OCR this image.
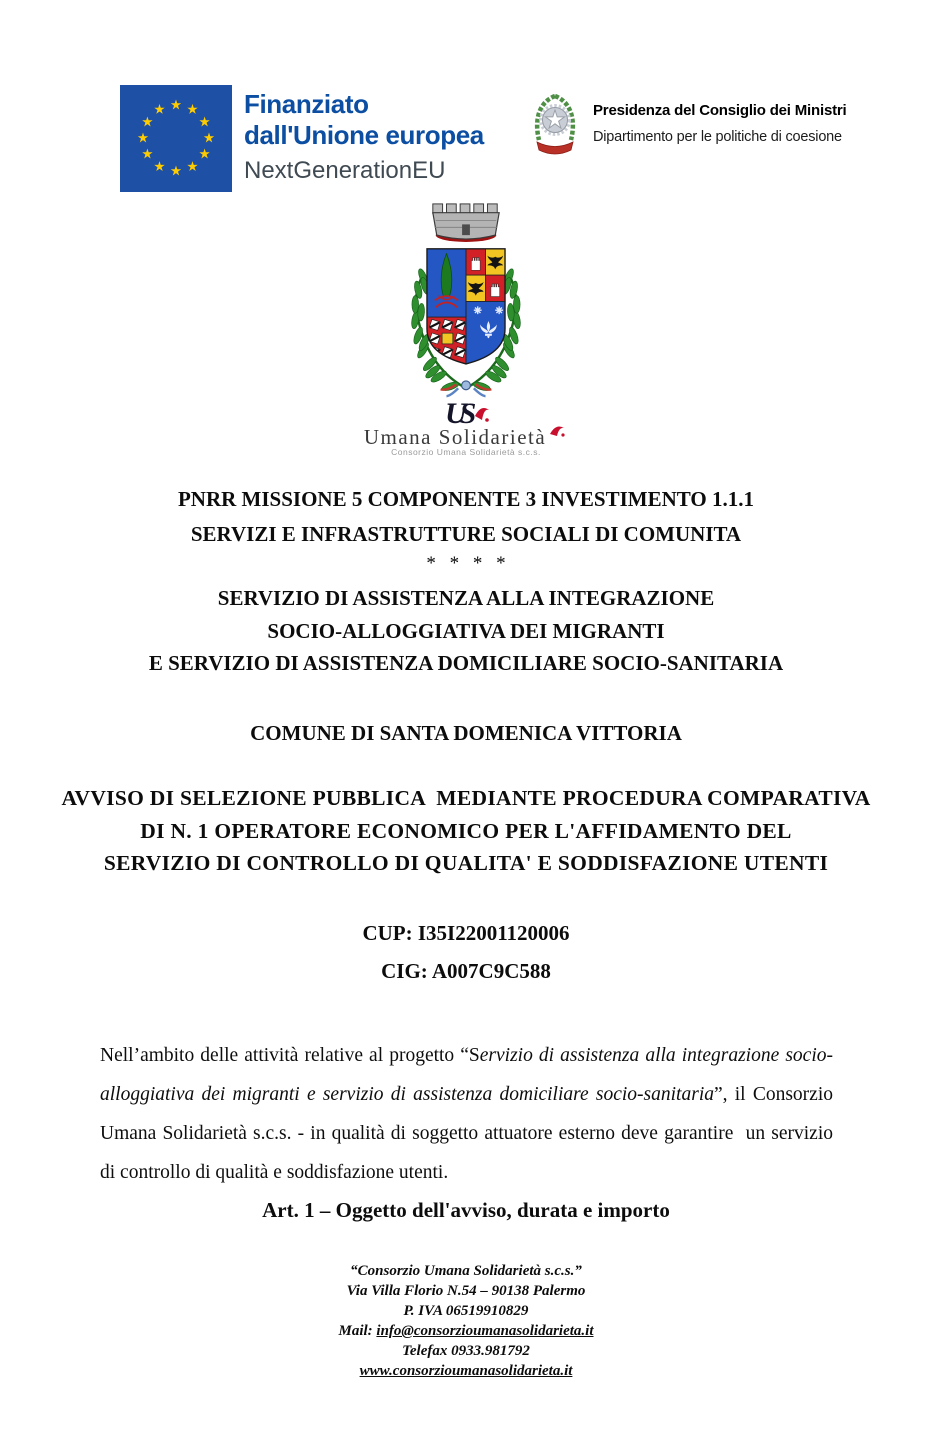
Finanziato
dall'Unione europea
NextGenerationEU
Presidenza del Consiglio dei Ministri
Dipartimento per le politiche di coesione
US
Umana Solidarietà
Consorzio Umana Solidarietà s.c.s.
PNRR MISSIONE 5 COMPONENTE 3 INVESTIMENTO 1.1.1
SERVIZI E INFRASTRUTTURE SOCIALI DI COMUNITA
* * * *
SERVIZIO DI ASSISTENZA ALLA INTEGRAZIONE
SOCIO-ALLOGGIATIVA DEI MIGRANTI
E SERVIZIO DI ASSISTENZA DOMICILIARE SOCIO-SANITARIA
COMUNE DI SANTA DOMENICA VITTORIA
AVVISO DI SELEZIONE PUBBLICA  MEDIANTE PROCEDURA COMPARATIVA
DI N. 1 OPERATORE ECONOMICO PER L'AFFIDAMENTO DEL
SERVIZIO DI CONTROLLO DI QUALITA' E SODDISFAZIONE UTENTI
CUP: I35I22001120006
CIG: A007C9C588
Nell’ambito delle attività relative al progetto “Servizio di assistenza alla integrazione socio-alloggiativa dei migranti e servizio di assistenza domiciliare socio-sanitaria”, il Consorzio Umana Solidarietà s.c.s. - in qualità di soggetto attuatore esterno deve garantire  un servizio di controllo di qualità e soddisfazione utenti.
Art. 1 – Oggetto dell'avviso, durata e importo
“Consorzio Umana Solidarietà s.c.s.”
Via Villa Florio N.54 – 90138 Palermo
P. IVA 06519910829
Mail: info@consorzioumanasolidarieta.it
Telefax 0933.981792
www.consorzioumanasolidarieta.it
